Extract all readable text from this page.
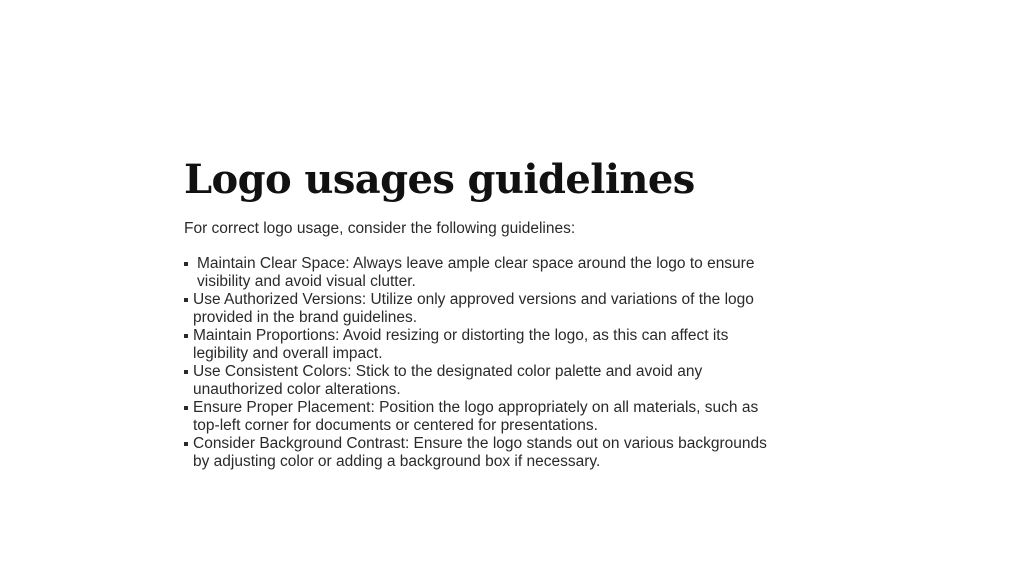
Logo usages guidelines

For correct logo usage, consider the following guidelines:

Maintain Clear Space: Always leave ample clear space around the logo to ensure visibility and avoid visual clutter.
Use Authorized Versions: Utilize only approved versions and variations of the logo provided in the brand guidelines.
Maintain Proportions: Avoid resizing or distorting the logo, as this can affect its legibility and overall impact.
Use Consistent Colors: Stick to the designated color palette and avoid any unauthorized color alterations.
Ensure Proper Placement: Position the logo appropriately on all materials, such as top-left corner for documents or centered for presentations.
Consider Background Contrast: Ensure the logo stands out on various backgrounds by adjusting color or adding a background box if necessary.
